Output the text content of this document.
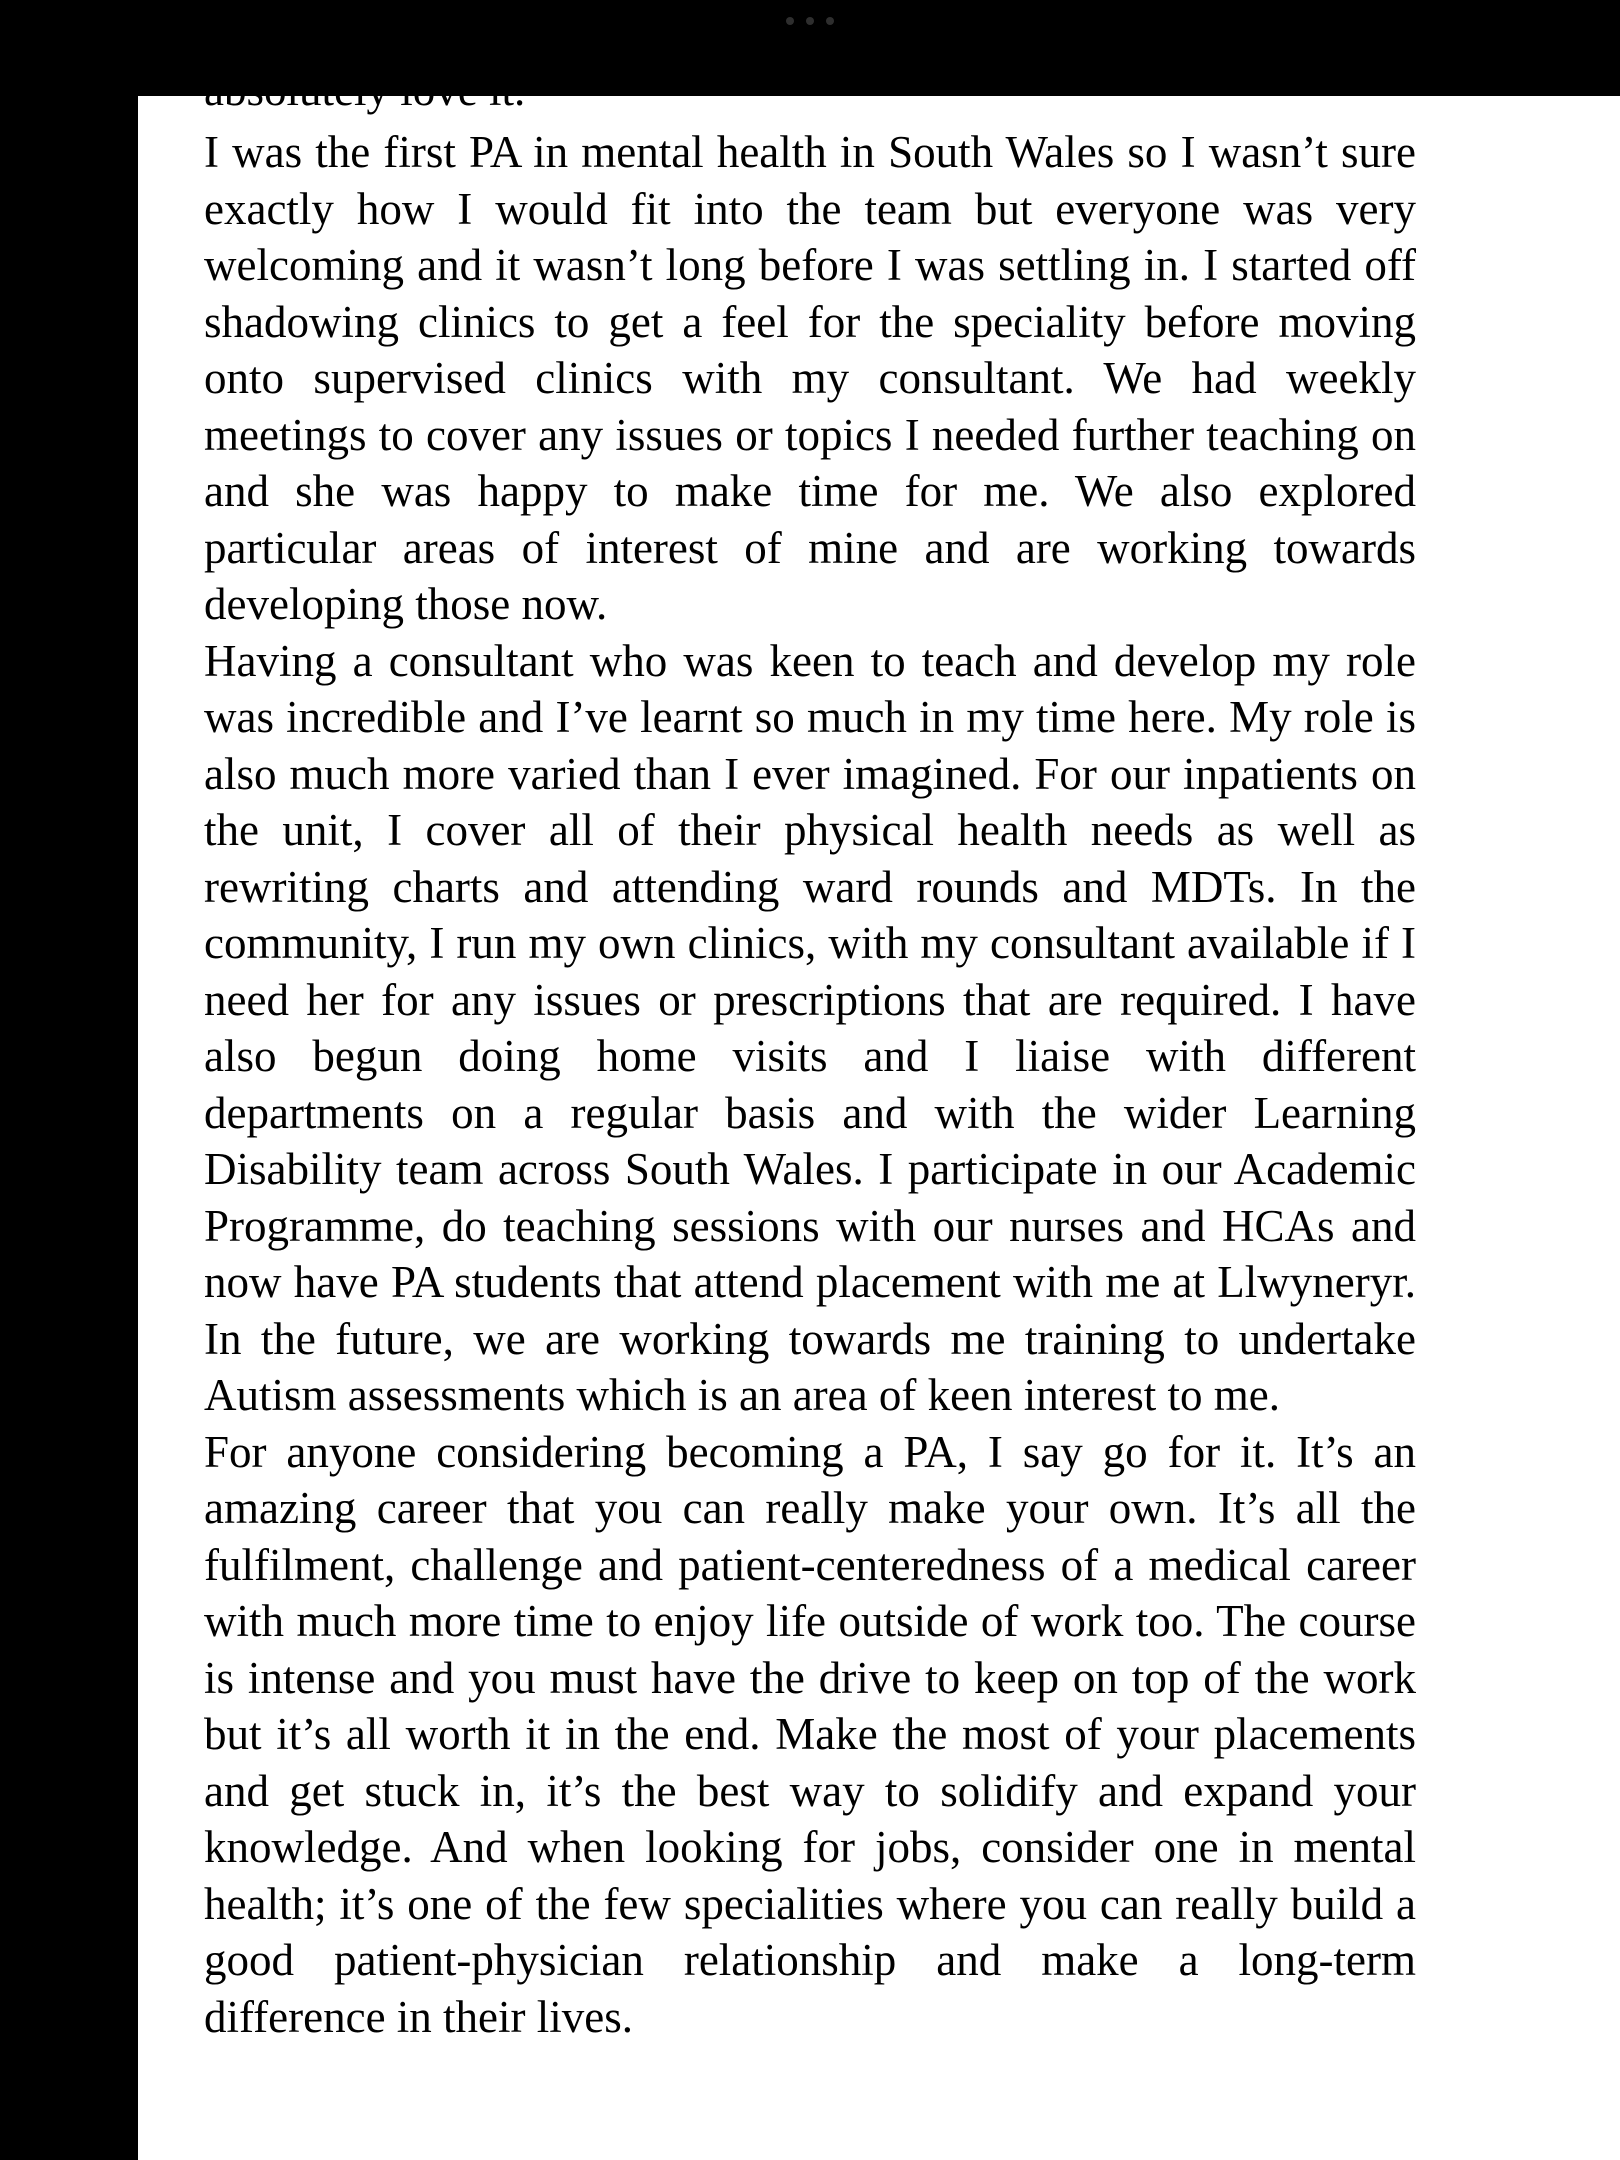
absolutely love it.

I was the first PA in mental health in South Wales so I wasn’t sure exactly how I would fit into the team but everyone was very welcoming and it wasn’t long before I was settling in. I started off shadowing clinics to get a feel for the speciality before moving onto supervised clinics with my consultant. We had weekly meetings to cover any issues or topics I needed further teaching on and she was happy to make time for me. We also explored particular areas of interest of mine and are working towards developing those now.

Having a consultant who was keen to teach and develop my role was incredible and I’ve learnt so much in my time here. My role is also much more varied than I ever imagined. For our inpatients on the unit, I cover all of their physical health needs as well as rewriting charts and attending ward rounds and MDTs. In the community, I run my own clinics, with my consultant available if I need her for any issues or prescriptions that are required. I have also begun doing home visits and I liaise with different departments on a regular basis and with the wider Learning Disability team across South Wales. I participate in our Academic Programme, do teaching sessions with our nurses and HCAs and now have PA students that attend placement with me at Llwyneryr. In the future, we are working towards me training to undertake Autism assessments which is an area of keen interest to me.

For anyone considering becoming a PA, I say go for it. It’s an amazing career that you can really make your own. It’s all the fulfilment, challenge and patient-centeredness of a medical career with much more time to enjoy life outside of work too. The course is intense and you must have the drive to keep on top of the work but it’s all worth it in the end. Make the most of your placements and get stuck in, it’s the best way to solidify and expand your knowledge. And when looking for jobs, consider one in mental health; it’s one of the few specialities where you can really build a good patient-physician relationship and make a long-term difference in their lives.
